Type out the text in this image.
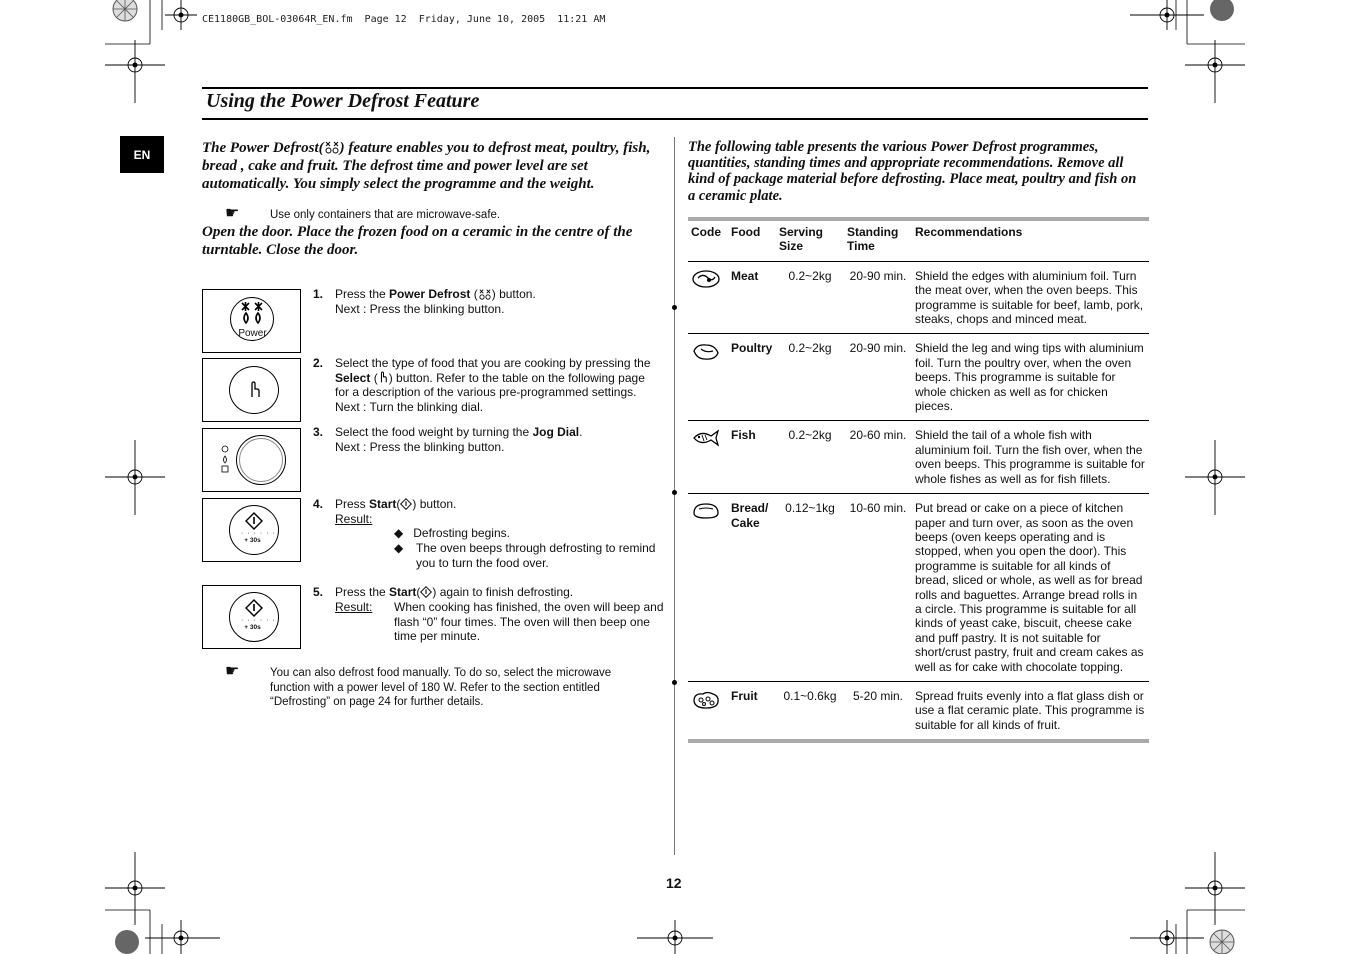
CE1180GB_BOL-03064R_EN.fm  Page 12  Friday, June 10, 2005  11:21 AM
Using the Power Defrost Feature
EN	The Power Defrost( ) feature enables you to defrost meat, poultry, fish, bread , cake and fruit. The defrost time and power level are set automatically. You simply select the programme and the weight.
☛	Use only containers that are microwave-safe.
Open the door. Place the frozen food on a ceramic in the centre of the turntable. Close the door.
Power
· · · · · ·
+ 30s
· · · · · ·
+ 30s
1. Press the Power Defrost ( ) button.
Next : Press the blinking button.
2. Select the type of food that you are cooking by pressing the Select ( ) button. Refer to the table on the following page for a description of the various pre-programmed settings.
Next : Turn the blinking dial.
3. Select the food weight by turning the Jog Dial.
Next : Press the blinking button.
4. Press Start( ) button.
Result:
◆   Defrosting begins.
◆ The oven beeps through defrosting to remind you to turn the food over.
5. Press the Start( ) again to finish defrosting.
Result:	When cooking has finished, the oven will beep and flash “0” four times. The oven will then beep one time per minute.
☛	You can also defrost food manually. To do so, select the microwave function with a power level of 180 W. Refer to the section entitled “Defrosting” on page 24 for further details.
The following table presents the various Power Defrost programmes, quantities, standing times and appropriate recommendations. Remove all kind of package material before defrosting. Place meat, poultry and fish on a ceramic plate.
Code	Food	Serving Size	Standing Time	Recommendations
	Meat	0.2~2kg	20-90 min.	Shield the edges with aluminium foil. Turn the meat over, when the oven beeps. This programme is suitable for beef, lamb, pork, steaks, chops and minced meat.
	Poultry	0.2~2kg	20-90 min.	Shield the leg and wing tips with aluminium foil. Turn the poultry over, when the oven beeps. This programme is suitable for whole chicken as well as for chicken pieces.
	Fish	0.2~2kg	20-60 min.	Shield the tail of a whole fish with aluminium foil. Turn the fish over, when the oven beeps. This programme is suitable for whole fishes as well as for fish fillets.
	Bread/ Cake	0.12~1kg	10-60 min.	Put bread or cake on a piece of kitchen paper and turn over, as soon as the oven beeps (oven keeps operating and is stopped, when you open the door). This programme is suitable for all kinds of bread, sliced or whole, as well as for bread rolls and baguettes. Arrange bread rolls in a circle. This programme is suitable for all kinds of yeast cake, biscuit, cheese cake and puff pastry. It is not suitable for short/crust pastry, fruit and cream cakes as well as for cake with chocolate topping.
	Fruit	0.1~0.6kg	5-20 min.	Spread fruits evenly into a flat glass dish or use a flat ceramic plate. This programme is suitable for all kinds of fruit.
12
